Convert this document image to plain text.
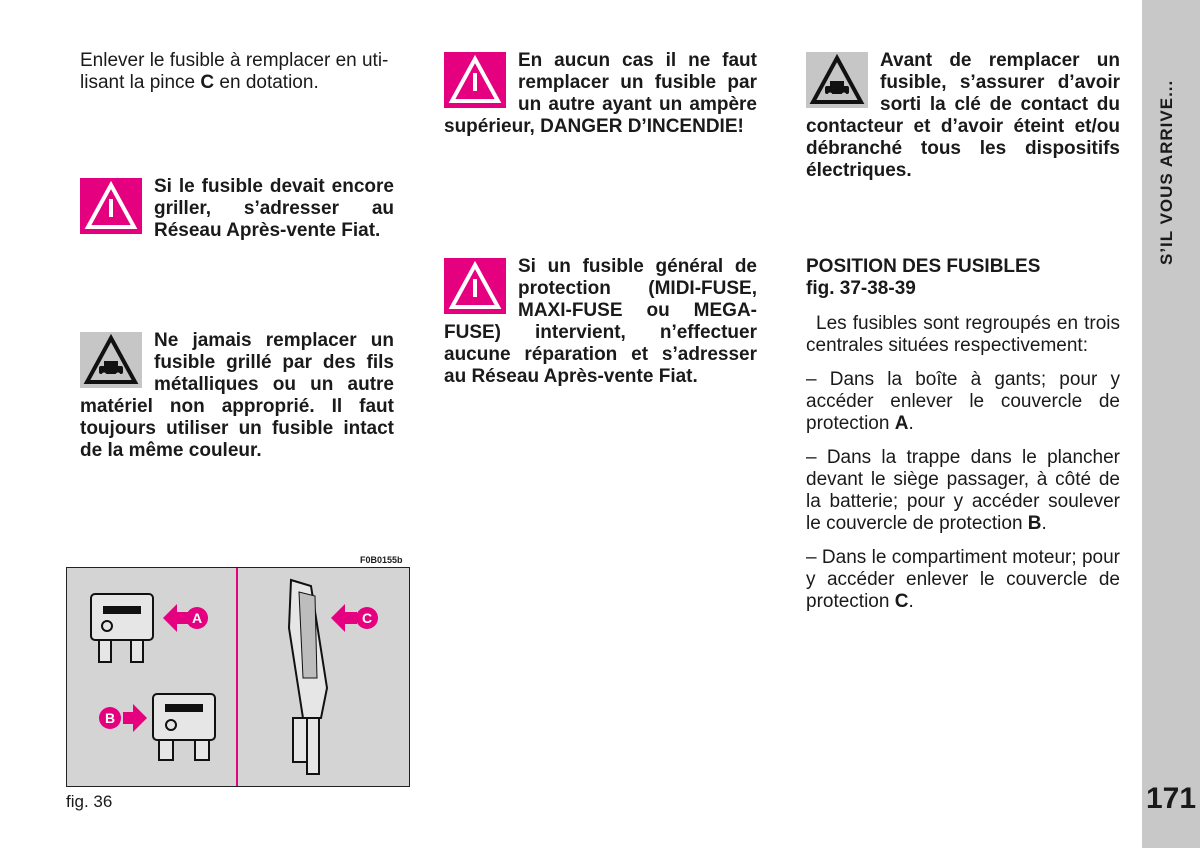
Enlever le fusible à remplacer en uti-
lisant la pince C en dotation.

Si le fusible devait encore griller, s’adresser au Réseau Après-vente Fiat.
Ne jamais remplacer un fusible grillé par des fils métalliques ou un autre matériel non approprié. Il faut toujours utiliser un fusible intact de la même couleur.
F0B0155b
A
B
C
fig. 36
En aucun cas il ne faut remplacer un fusible par un autre ayant un ampère supérieur, DANGER D’INCENDIE!
Si un fusible général de protection (MIDI-FUSE, MAXI-FUSE ou MEGA-FUSE) intervient, n’effectuer aucune réparation et s’adresser au Réseau Après-vente Fiat.
Avant de remplacer un fusible, s’assurer d’avoir sorti la clé de contact du contacteur et d’avoir éteint et/ou débranché tous les dispositifs électriques.

POSITION DES FUSIBLES

fig. 37-38-39

Les fusibles sont regroupés en trois centrales situées respectivement:

– Dans la boîte à gants; pour y accéder enlever le couvercle de protection A.

– Dans la trappe dans le plancher devant le siège passager, à côté de la batterie; pour y accéder soulever le couvercle de protection B.

– Dans le compartiment moteur; pour y accéder enlever le couvercle de protection C.

S’IL VOUS ARRIVE...
171
